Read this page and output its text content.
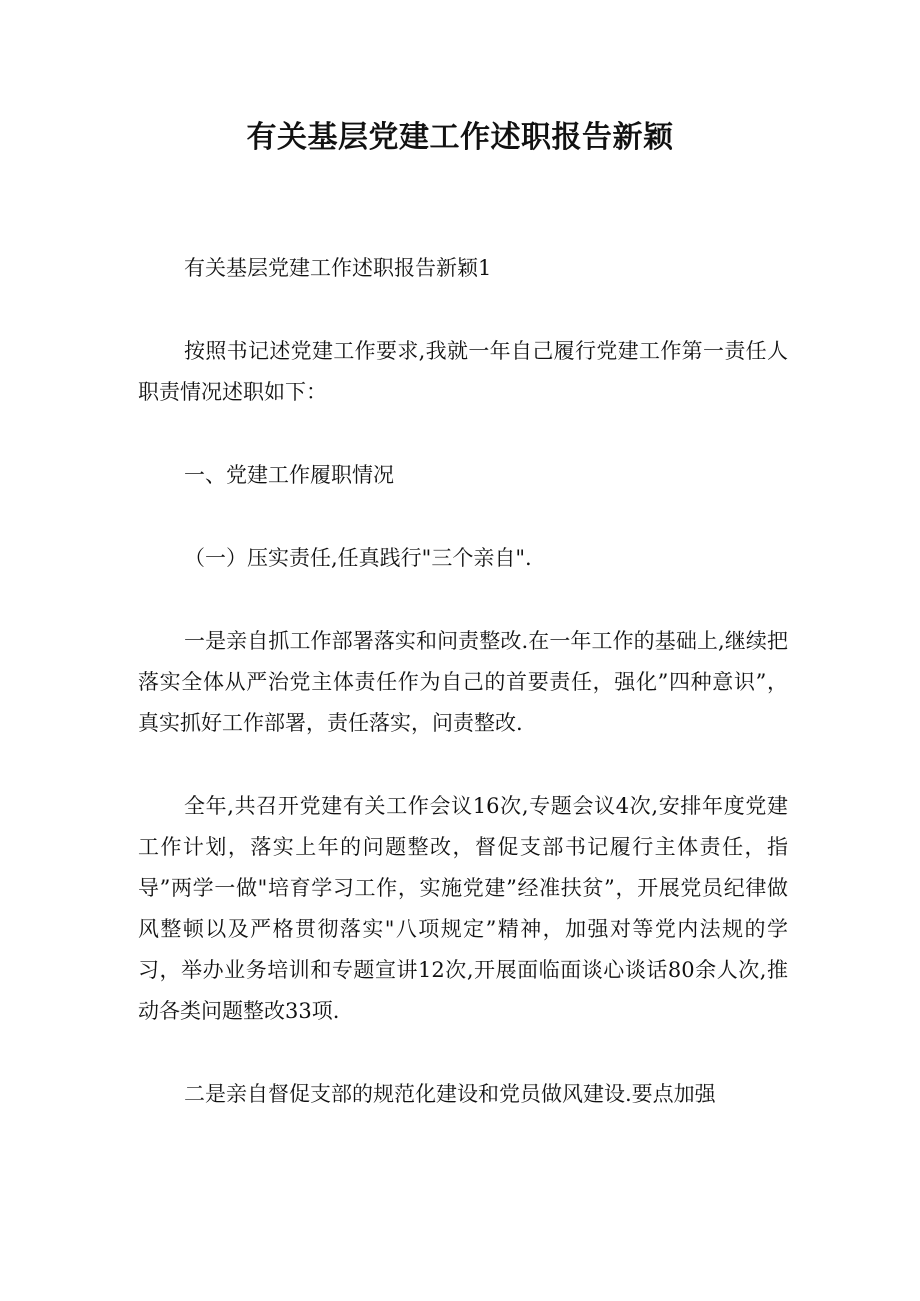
有关基层党建工作述职报告新颖

有关基层党建工作述职报告新颖1

按照书记述党建工作要求,我就一年自己履行党建工作第一责任人职责情况述职如下：

一、党建工作履职情况

（一）压实责任,任真践行"三个亲自".

一是亲自抓工作部署落实和问责整改.在一年工作的基础上,继续把落实全体从严治党主体责任作为自己的首要责任，强化”四种意识”，真实抓好工作部署，责任落实，问责整改.

全年,共召开党建有关工作会议16次,专题会议4次,安排年度党建工作计划，落实上年的问题整改，督促支部书记履行主体责任，指导”两学一做"培育学习工作，实施党建”经准扶贫”，开展党员纪律做风整顿以及严格贯彻落实"八项规定”精神，加强对等党内法规的学习，举办业务培训和专题宣讲12次,开展面临面谈心谈话80余人次,推动各类问题整改33项.

二是亲自督促支部的规范化建设和党员做风建设.要点加强
